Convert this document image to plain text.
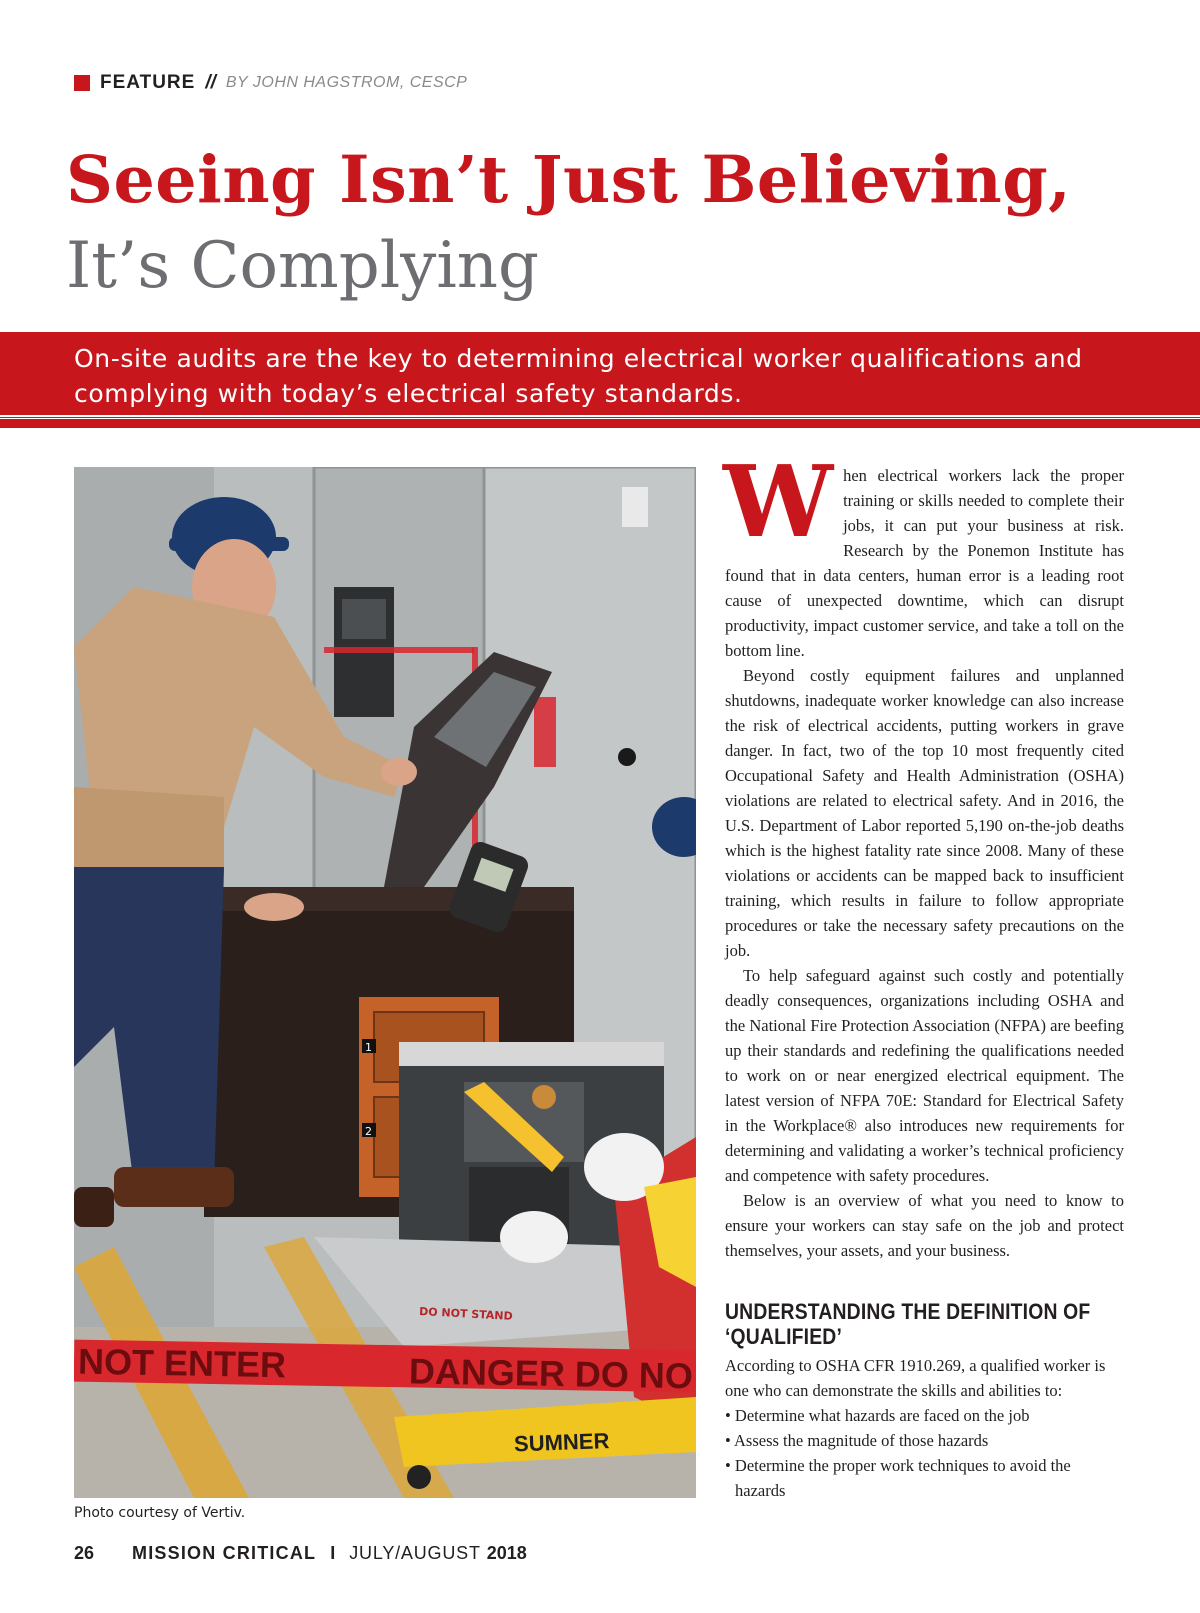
FEATURE // BY JOHN HAGSTROM, CESCP
Seeing Isn’t Just Believing,
It’s Complying

On-site audits are the key to determining electrical worker qualifications and complying with today’s electrical safety standards.

1
2
DO NOT STAND
NOT ENTER	DANGER DO NO
SUMNER

Photo courtesy of Vertiv.

When electrical workers lack the proper training or skills needed to complete their jobs, it can put your business at risk. Research by the Ponemon Institute has found that in data centers, human error is a leading root cause of unexpected downtime, which can disrupt productivity, impact customer service, and take a toll on the bottom line.

Beyond costly equipment failures and unplanned shutdowns, inadequate worker knowledge can also increase the risk of electrical accidents, putting workers in grave danger. In fact, two of the top 10 most frequently cited Occupational Safety and Health Administration (OSHA) violations are related to electrical safety. And in 2016, the U.S. Department of Labor reported 5,190 on-the-job deaths which is the highest fatality rate since 2008. Many of these violations or accidents can be mapped back to insufficient training, which results in failure to follow appropriate procedures or take the necessary safety precautions on the job.

To help safeguard against such costly and potentially deadly consequences, organizations including OSHA and the National Fire Protection Association (NFPA) are beefing up their standards and redefining the qualifications needed to work on or near energized electrical equipment. The latest version of NFPA 70E: Standard for Electrical Safety in the Workplace® also introduces new requirements for determining and validating a worker’s technical proficiency and competence with safety procedures.

Below is an overview of what you need to know to ensure your workers can stay safe on the job and protect themselves, your assets, and your business.

UNDERSTANDING THE DEFINITION OF ‘QUALIFIED’

According to OSHA CFR 1910.269, a qualified worker is one who can demonstrate the skills and abilities to:

• Determine what hazards are faced on the job
• Assess the magnitude of those hazards
• Determine the proper work techniques to avoid the hazards
26 MISSION CRITICAL I JULY/AUGUST 2018
